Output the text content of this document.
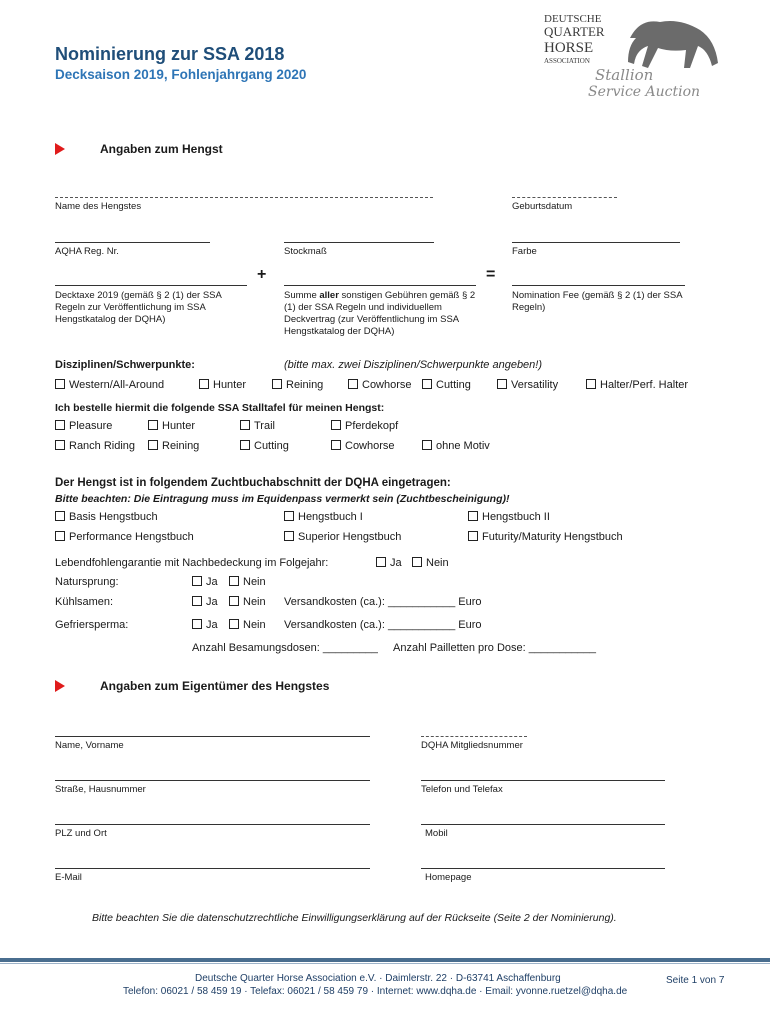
Nominierung zur SSA 2018
Decksaison 2019, Fohlenjahrgang 2020
DEUTSCHE
QUARTER
HORSE
ASSOCIATION
Stallion
Service Auction
Angaben zum Hengst
Name des Hengstes	Geburtsdatum
AQHA Reg. Nr.	Stockmaß	Farbe
+	=
Decktaxe 2019 (gemäß § 2 (1) der SSA Regeln zur Veröffentlichung im SSA Hengstkatalog der DQHA)
Summe aller sonstigen Gebühren gemäß § 2 (1) der SSA Regeln und individuellem Deckvertrag (zur Veröffentlichung im SSA Hengstkatalog der DQHA)
Nomination Fee (gemäß § 2 (1) der SSA Regeln)
Disziplinen/Schwerpunkte:	(bitte max. zwei Disziplinen/Schwerpunkte angeben!)
Western/All-Around	Hunter	Reining	Cowhorse	Cutting	Versatility	Halter/Perf. Halter
Ich bestelle hiermit die folgende SSA Stalltafel für meinen Hengst:
Pleasure	Hunter	Trail	Pferdekopf
Ranch Riding	Reining	Cutting	Cowhorse	ohne Motiv
Der Hengst ist in folgendem Zuchtbuchabschnitt der DQHA eingetragen:
Bitte beachten: Die Eintragung muss im Equidenpass vermerkt sein (Zuchtbescheinigung)!
Basis Hengstbuch	Hengstbuch I	Hengstbuch II
Performance Hengstbuch	Superior Hengstbuch	Futurity/Maturity Hengstbuch
Lebendfohlengarantie mit Nachbedeckung im Folgejahr:	Ja	Nein
Natursprung:	Ja	Nein
Kühlsamen:	Ja	Nein Versandkosten (ca.): ___________ Euro
Gefriersperma:	Ja	Nein Versandkosten (ca.): ___________ Euro
Anzahl Besamungsdosen: _________ Anzahl Pailletten pro Dose: ___________
Angaben zum Eigentümer des Hengstes
Name, Vorname	DQHA Mitgliedsnummer
Straße, Hausnummer	Telefon und Telefax
PLZ und Ort	Mobil
E-Mail	Homepage
Bitte beachten Sie die datenschutzrechtliche Einwilligungserklärung auf der Rückseite (Seite 2 der Nominierung).
Deutsche Quarter Horse Association e.V. · Daimlerstr. 22 · D-63741 Aschaffenburg
Telefon: 06021 / 58 459 19 · Telefax: 06021 / 58 459 79 · Internet: www.dqha.de · Email: yvonne.ruetzel@dqha.de
Seite 1 von 7
